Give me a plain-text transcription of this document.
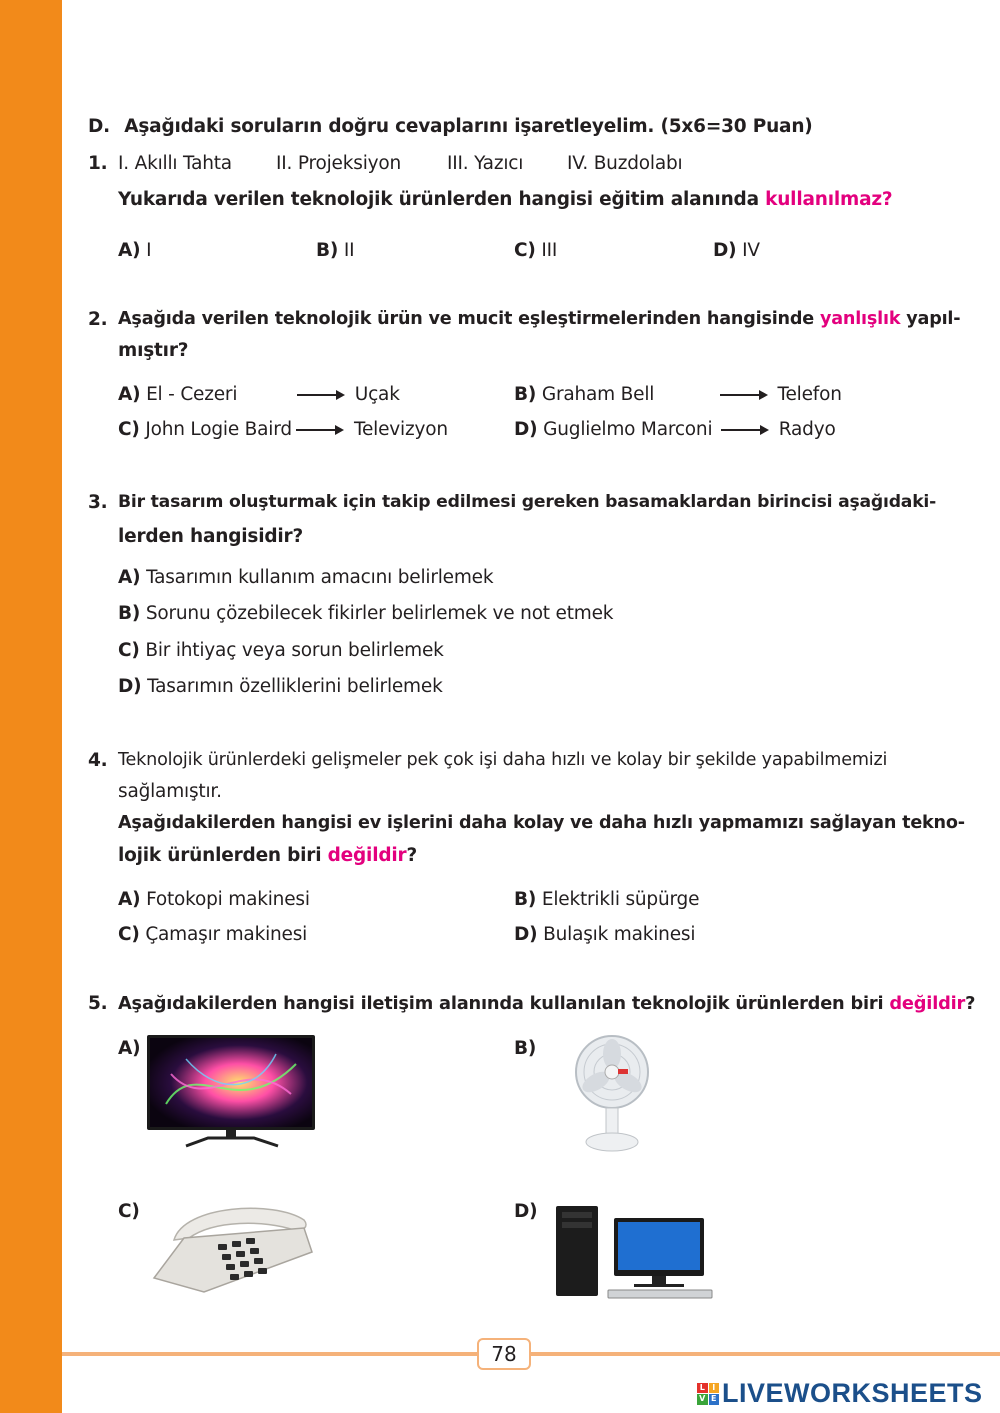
D. Aşağıdaki soruların doğru cevaplarını işaretleyelim. (5x6=30 Puan)
1. I. Akıllı Tahta II. Projeksiyon III. Yazıcı IV. Buzdolabı
Yukarıda verilen teknolojik ürünlerden hangisi eğitim alanında kullanılmaz?
A) I	B) II	C) III	D) IV
2. Aşağıda verilen teknolojik ürün ve mucit eşleştirmelerinden hangisinde yanlışlık yapıl-
mıştır?
A) El - Cezeri	Uçak	B) Graham Bell	Telefon
C) John Logie Baird	Televizyon	D) Guglielmo Marconi	Radyo
3. Bir tasarım oluşturmak için takip edilmesi gereken basamaklardan birincisi aşağıdaki-
lerden hangisidir?
A) Tasarımın kullanım amacını belirlemek
B) Sorunu çözebilecek fikirler belirlemek ve not etmek
C) Bir ihtiyaç veya sorun belirlemek
D) Tasarımın özelliklerini belirlemek
4. Teknolojik ürünlerdeki gelişmeler pek çok işi daha hızlı ve kolay bir şekilde yapabilmemizi
sağlamıştır.
Aşağıdakilerden hangisi ev işlerini daha kolay ve daha hızlı yapmamızı sağlayan tekno-
lojik ürünlerden biri değildir?
A) Fotokopi makinesi	B) Elektrikli süpürge
C) Çamaşır makinesi	D) Bulaşık makinesi
5. Aşağıdakilerden hangisi iletişim alanında kullanılan teknolojik ürünlerden biri değildir?
A)	B)
C)	D)
78
L I
V E LIVEWORKSHEETS
